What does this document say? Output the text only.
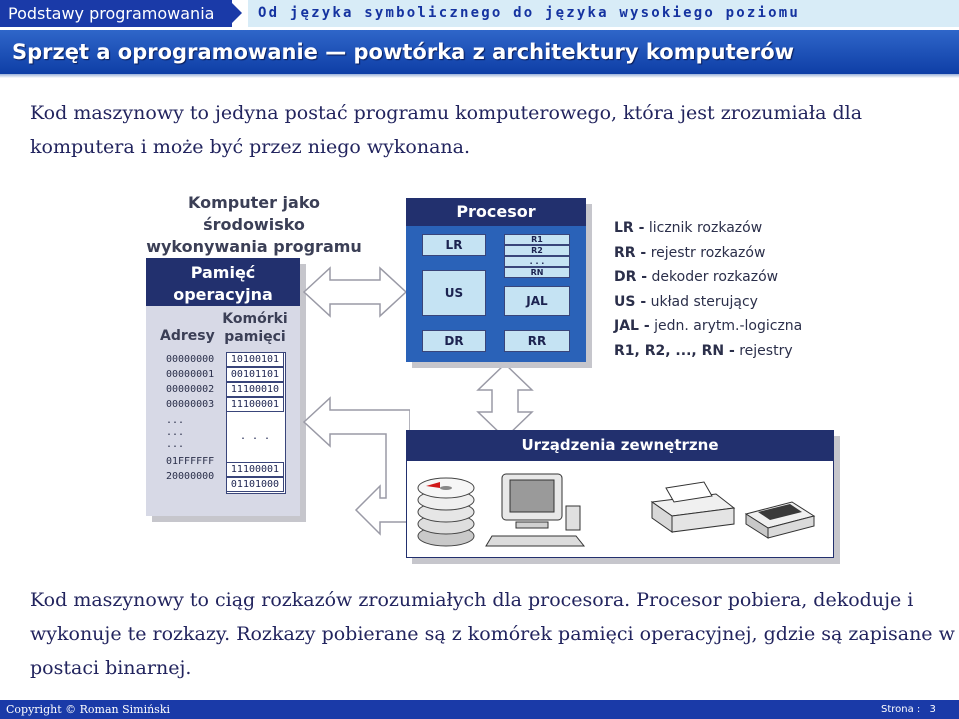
Podstawy programowania	Od języka symbolicznego do języka wysokiego poziomu
Sprzęt a oprogramowanie — powtórka z architektury komputerów
Kod maszynowy to jedyna postać programu komputerowego, która jest zrozumiała dla komputera i może być przez niego wykonana.
Komputer jako środowisko
wykonywania programu
Pamięć
operacyjna
Adresy
Komórki
pamięci
00000000
00000001
00000002
00000003
...
...
...
01FFFFFF
20000000
10100101
00101101
11100010
11100001
. . .
11100001
01101000
Procesor
LR
US
DR
R1
R2
. . .
RN
JAL
RR
LR - licznik rozkazów
RR - rejestr rozkazów
DR - dekoder rozkazów
US - układ sterujący
JAL - jedn. arytm.-logiczna
R1, R2, ..., RN - rejestry
Urządzenia zewnętrzne
Kod maszynowy to ciąg rozkazów zrozumiałych dla procesora. Procesor pobiera, dekoduje i wykonuje te rozkazy. Rozkazy pobierane są z komórek pamięci operacyjnej, gdzie są zapisane w postaci binarnej.
Copyright © Roman Simiński	Strona : 3
